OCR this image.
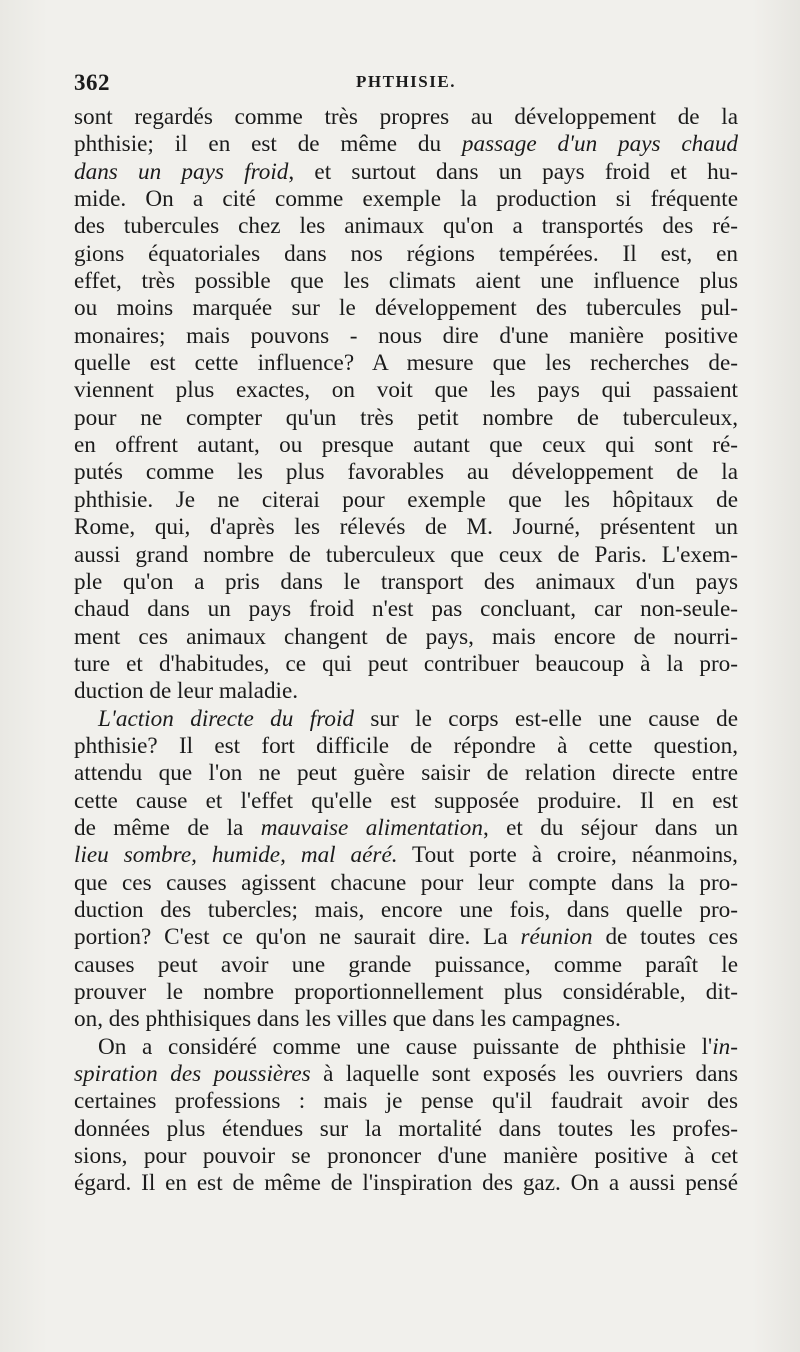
362	PHTHISIE.
sont regardés comme très propres au développement de la
phthisie; il en est de même du passage d'un pays chaud
dans un pays froid, et surtout dans un pays froid et hu-
mide. On a cité comme exemple la production si fréquente
des tubercules chez les animaux qu'on a transportés des ré-
gions équatoriales dans nos régions tempérées. Il est, en
effet, très possible que les climats aient une influence plus
ou moins marquée sur le développement des tubercules pul-
monaires; mais pouvons - nous dire d'une manière positive
quelle est cette influence? A mesure que les recherches de-
viennent plus exactes, on voit que les pays qui passaient
pour ne compter qu'un très petit nombre de tuberculeux,
en offrent autant, ou presque autant que ceux qui sont ré-
putés comme les plus favorables au développement de la
phthisie. Je ne citerai pour exemple que les hôpitaux de
Rome, qui, d'après les rélevés de M. Journé, présentent un
aussi grand nombre de tuberculeux que ceux de Paris. L'exem-
ple qu'on a pris dans le transport des animaux d'un pays
chaud dans un pays froid n'est pas concluant, car non-seule-
ment ces animaux changent de pays, mais encore de nourri-
ture et d'habitudes, ce qui peut contribuer beaucoup à la pro-
duction de leur maladie.
L'action directe du froid sur le corps est-elle une cause de
phthisie? Il est fort difficile de répondre à cette question,
attendu que l'on ne peut guère saisir de relation directe entre
cette cause et l'effet qu'elle est supposée produire. Il en est
de même de la mauvaise alimentation, et du séjour dans un
lieu sombre, humide, mal aéré. Tout porte à croire, néanmoins,
que ces causes agissent chacune pour leur compte dans la pro-
duction des tubercles; mais, encore une fois, dans quelle pro-
portion? C'est ce qu'on ne saurait dire. La réunion de toutes ces
causes peut avoir une grande puissance, comme paraît le
prouver le nombre proportionnellement plus considérable, dit-
on, des phthisiques dans les villes que dans les campagnes.
On a considéré comme une cause puissante de phthisie l'in-
spiration des poussières à laquelle sont exposés les ouvriers dans
certaines professions : mais je pense qu'il faudrait avoir des
données plus étendues sur la mortalité dans toutes les profes-
sions, pour pouvoir se prononcer d'une manière positive à cet
égard. Il en est de même de l'inspiration des gaz. On a aussi pensé
